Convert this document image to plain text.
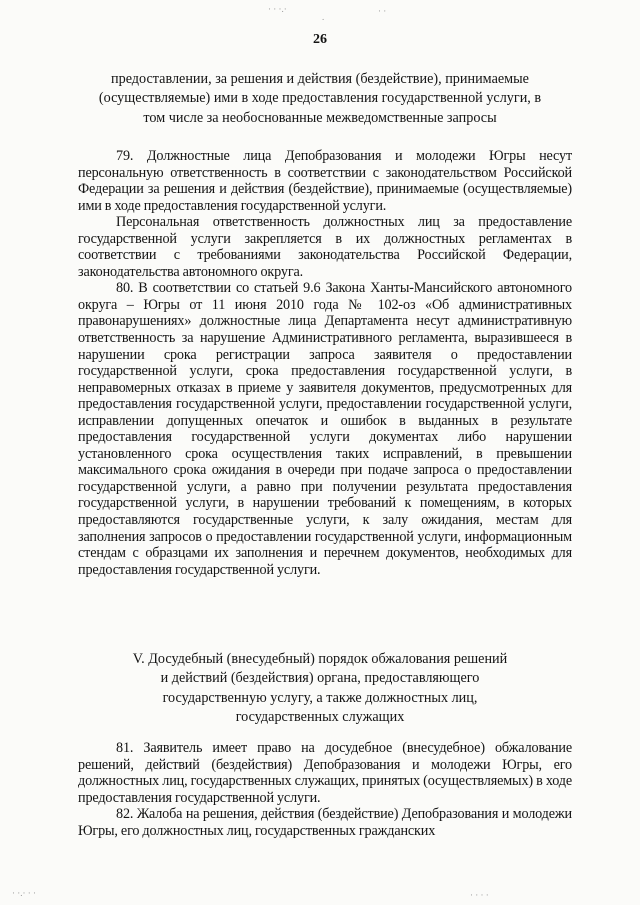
· · ·.·
.
· ·
26
предоставлении, за решения и действия (бездействие), принимаемые
(осуществляемые) ими в ходе предоставления государственной услуги, в
том числе за необоснованные межведомственные запросы

79. Должностные лица Депобразования и молодежи Югры несут персональную ответственность в соответствии с законодательством Российской Федерации за решения и действия (бездействие), принимаемые (осуществляемые) ими в ходе предоставления государственной услуги.

Персональная ответственность должностных лиц за предоставление государственной услуги закрепляется в их должностных регламентах в соответствии с требованиями законодательства Российской Федерации, законодательства автономного округа.

80. В соответствии со статьей 9.6 Закона Ханты-Мансийского автономного округа – Югры от 11 июня 2010 года № 102-оз «Об административных правонарушениях» должностные лица Департамента несут административную ответственность за нарушение Административного регламента, выразившееся в нарушении срока регистрации запроса заявителя о предоставлении государственной услуги, срока предоставления государственной услуги, в неправомерных отказах в приеме у заявителя документов, предусмотренных для предоставления государственной услуги, предоставлении государственной услуги, исправлении допущенных опечаток и ошибок в выданных в результате предоставления государственной услуги документах либо нарушении установленного срока осуществления таких исправлений, в превышении максимального срока ожидания в очереди при подаче запроса о предоставлении государственной услуги, а равно при получении результата предоставления государственной услуги, в нарушении требований к помещениям, в которых предоставляются государственные услуги, к залу ожидания, местам для заполнения запросов о предоставлении государственной услуги, информационным стендам с образцами их заполнения и перечнем документов, необходимых для предоставления государственной услуги.

V. Досудебный (внесудебный) порядок обжалования решений
и действий (бездействия) органа, предоставляющего
государственную услугу, а также должностных лиц,
государственных служащих

81. Заявитель имеет право на досудебное (внесудебное) обжалование решений, действий (бездействия) Депобразования и молодежи Югры, его должностных лиц, государственных служащих, принятых (осуществляемых) в ходе предоставления государственной услуги.

82. Жалоба на решения, действия (бездействие) Депобразования и молодежи Югры, его должностных лиц, государственных гражданских

· ·.· · ·	· · · ·
